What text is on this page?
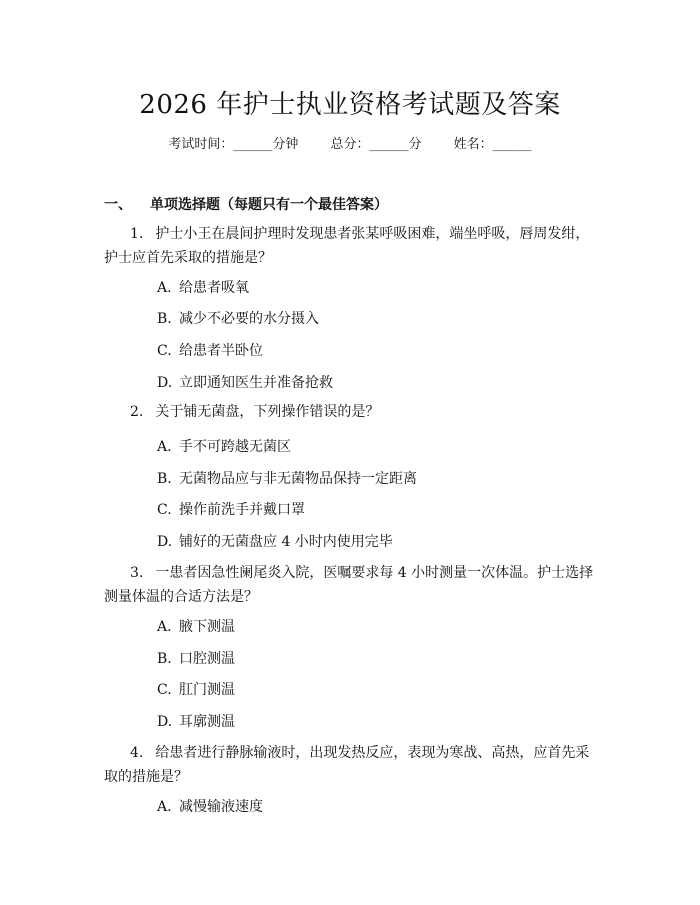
2026 年护士执业资格考试题及答案
考试时间：______分钟 总分：______分 姓名：______
一、 单项选择题（每题只有一个最佳答案）
1. 护士小王在晨间护理时发现患者张某呼吸困难，端坐呼吸，唇周发绀，护士应首先采取的措施是？
A. 给患者吸氧
B. 减少不必要的水分摄入
C. 给患者半卧位
D. 立即通知医生并准备抢救
2. 关于铺无菌盘，下列操作错误的是？
A. 手不可跨越无菌区
B. 无菌物品应与非无菌物品保持一定距离
C. 操作前洗手并戴口罩
D. 铺好的无菌盘应 4 小时内使用完毕
3. 一患者因急性阑尾炎入院，医嘱要求每 4 小时测量一次体温。护士选择测量体温的合适方法是？
A. 腋下测温
B. 口腔测温
C. 肛门测温
D. 耳廓测温
4. 给患者进行静脉输液时，出现发热反应，表现为寒战、高热，应首先采取的措施是？
A. 减慢输液速度
